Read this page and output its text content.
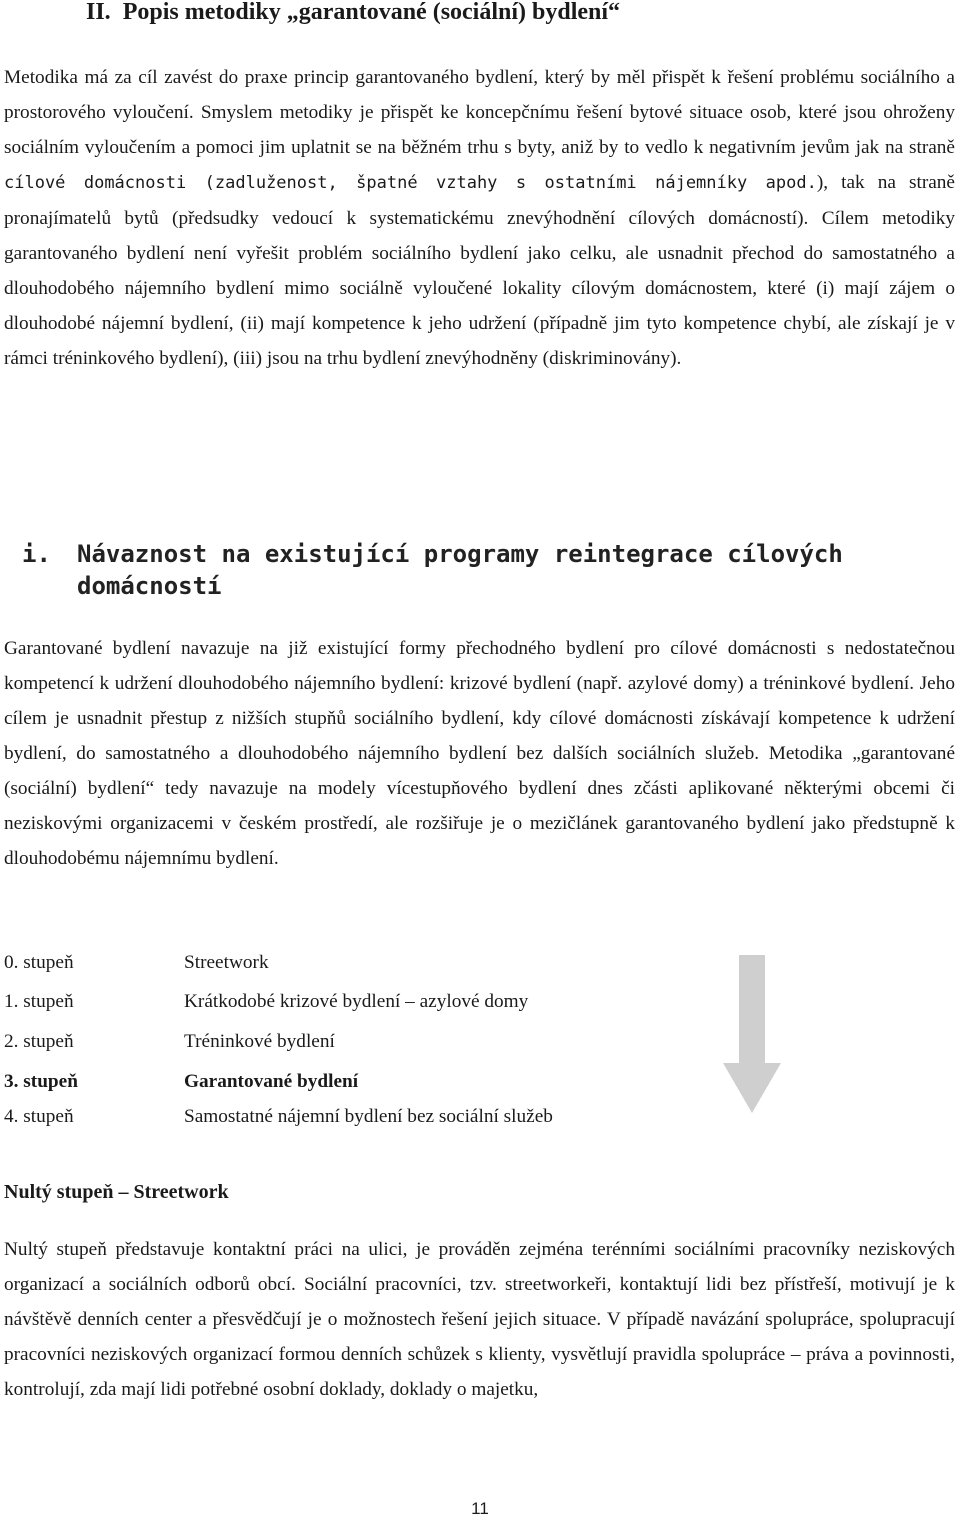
II. Popis metodiky „garantované (sociální) bydlení“

Metodika má za cíl zavést do praxe princip garantovaného bydlení, který by měl přispět k řešení problému sociálního a prostorového vyloučení. Smyslem metodiky je přispět ke koncepčnímu řešení bytové situace osob, které jsou ohroženy sociálním vyloučením a pomoci jim uplatnit se na běžném trhu s byty, aniž by to vedlo k negativním jevům jak na straně cílové domácnosti (zadluženost, špatné vztahy s ostatními nájemníky apod.), tak na straně pronajímatelů bytů (předsudky vedoucí k systematickému znevýhodnění cílových domácností). Cílem metodiky garantovaného bydlení není vyřešit problém sociálního bydlení jako celku, ale usnadnit přechod do samostatného a dlouhodobého nájemního bydlení mimo sociálně vyloučené lokality cílovým domácnostem, které (i) mají zájem o dlouhodobé nájemní bydlení, (ii) mají kompetence k jeho udržení (případně jim tyto kompetence chybí, ale získají je v rámci tréninkového bydlení), (iii) jsou na trhu bydlení znevýhodněny (diskriminovány).

i. Návaznost na existující programy reintegrace cílových domácností

Garantované bydlení navazuje na již existující formy přechodného bydlení pro cílové domácnosti s nedostatečnou kompetencí k udržení dlouhodobého nájemního bydlení: krizové bydlení (např. azylové domy) a tréninkové bydlení. Jeho cílem je usnadnit přestup z nižších stupňů sociálního bydlení, kdy cílové domácnosti získávají kompetence k udržení bydlení, do samostatného a dlouhodobého nájemního bydlení bez dalších sociálních služeb. Metodika „garantované (sociální) bydlení“ tedy navazuje na modely vícestupňového bydlení dnes zčásti aplikované některými obcemi či neziskovými organizacemi v českém prostředí, ale rozšiřuje je o mezičlánek garantovaného bydlení jako předstupně k dlouhodobému nájemnímu bydlení.

0. stupeň	Streetwork
1. stupeň	Krátkodobé krizové bydlení – azylové domy
2. stupeň	Tréninkové bydlení
3. stupeň	Garantované bydlení
4. stupeň	Samostatné nájemní bydlení bez sociální služeb
Nultý stupeň – Streetwork

Nultý stupeň představuje kontaktní práci na ulici, je prováděn zejména terénními sociálními pracovníky neziskových organizací a sociálních odborů obcí. Sociální pracovníci, tzv. streetworkeři, kontaktují lidi bez přístřeší, motivují je k návštěvě denních center a přesvědčují je o možnostech řešení jejich situace. V případě navázání spolupráce, spolupracují pracovníci neziskových organizací formou denních schůzek s klienty, vysvětlují pravidla spolupráce – práva a povinnosti, kontrolují, zda mají lidi potřebné osobní doklady, doklady o majetku,

11
